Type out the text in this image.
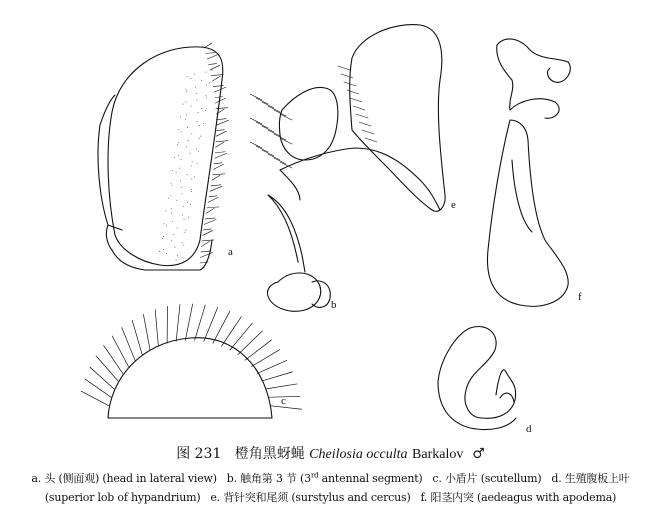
a
b
c
d
e
f
图 231 橙角黑蚜蝇 Cheilosia occulta Barkalov ♂
a. 头 (侧面观) (head in lateral view) b. 触角第 3 节 (3rd antennal segment) c. 小盾片 (scutellum) d. 生殖腹板上叶
(superior lob of hypandrium) e. 背针突和尾须 (surstylus and cercus) f. 阳茎内突 (aedeagus with apodema)
